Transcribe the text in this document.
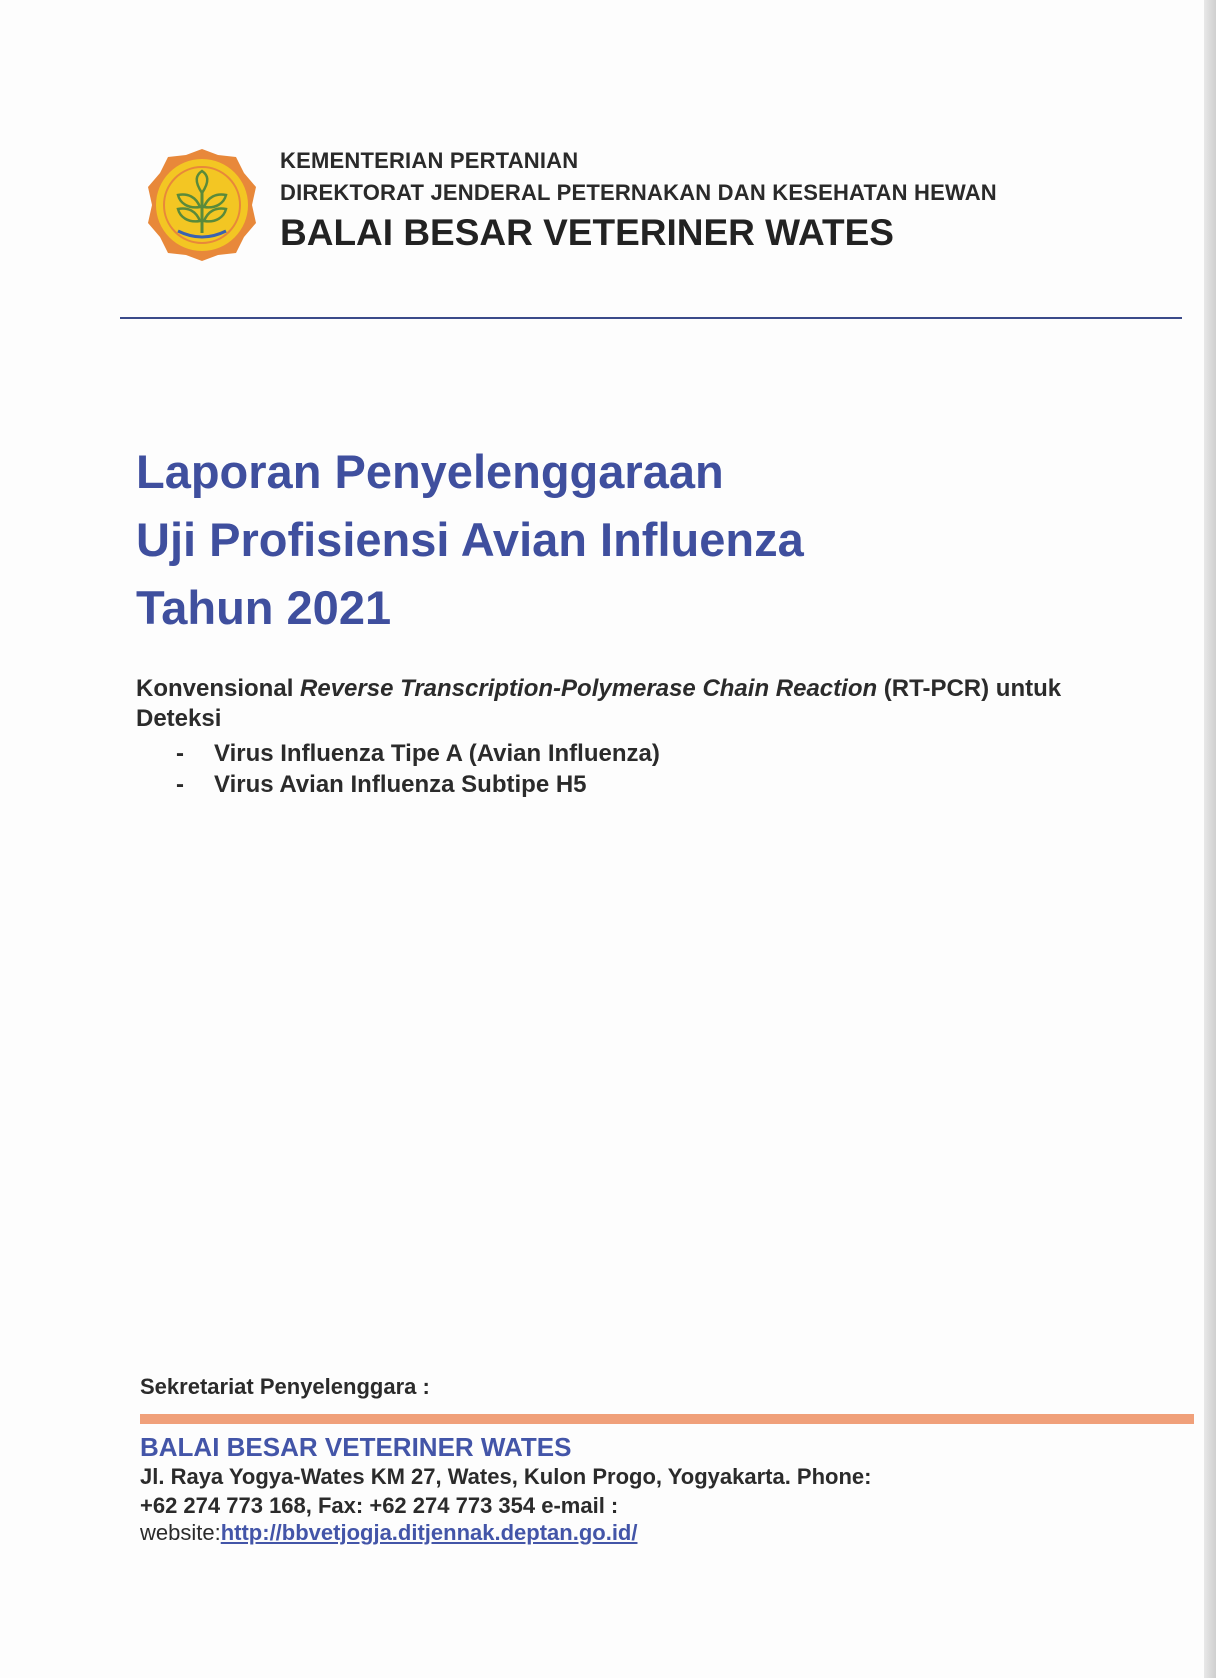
KEMENTERIAN PERTANIAN
DIREKTORAT JENDERAL PETERNAKAN DAN KESEHATAN HEWAN
BALAI BESAR VETERINER WATES
Laporan Penyelenggaraan
Uji Profisiensi Avian Influenza
Tahun 2021
Konvensional Reverse Transcription-Polymerase Chain Reaction (RT-PCR) untuk
Deteksi
-	Virus Influenza Tipe A (Avian Influenza)
-	Virus Avian Influenza Subtipe H5
Sekretariat Penyelenggara :
BALAI BESAR VETERINER WATES
Jl. Raya Yogya-Wates KM 27, Wates, Kulon Progo, Yogyakarta. Phone:
+62 274 773 168, Fax: +62 274 773 354 e-mail :
website:http://bbvetjogja.ditjennak.deptan.go.id/
